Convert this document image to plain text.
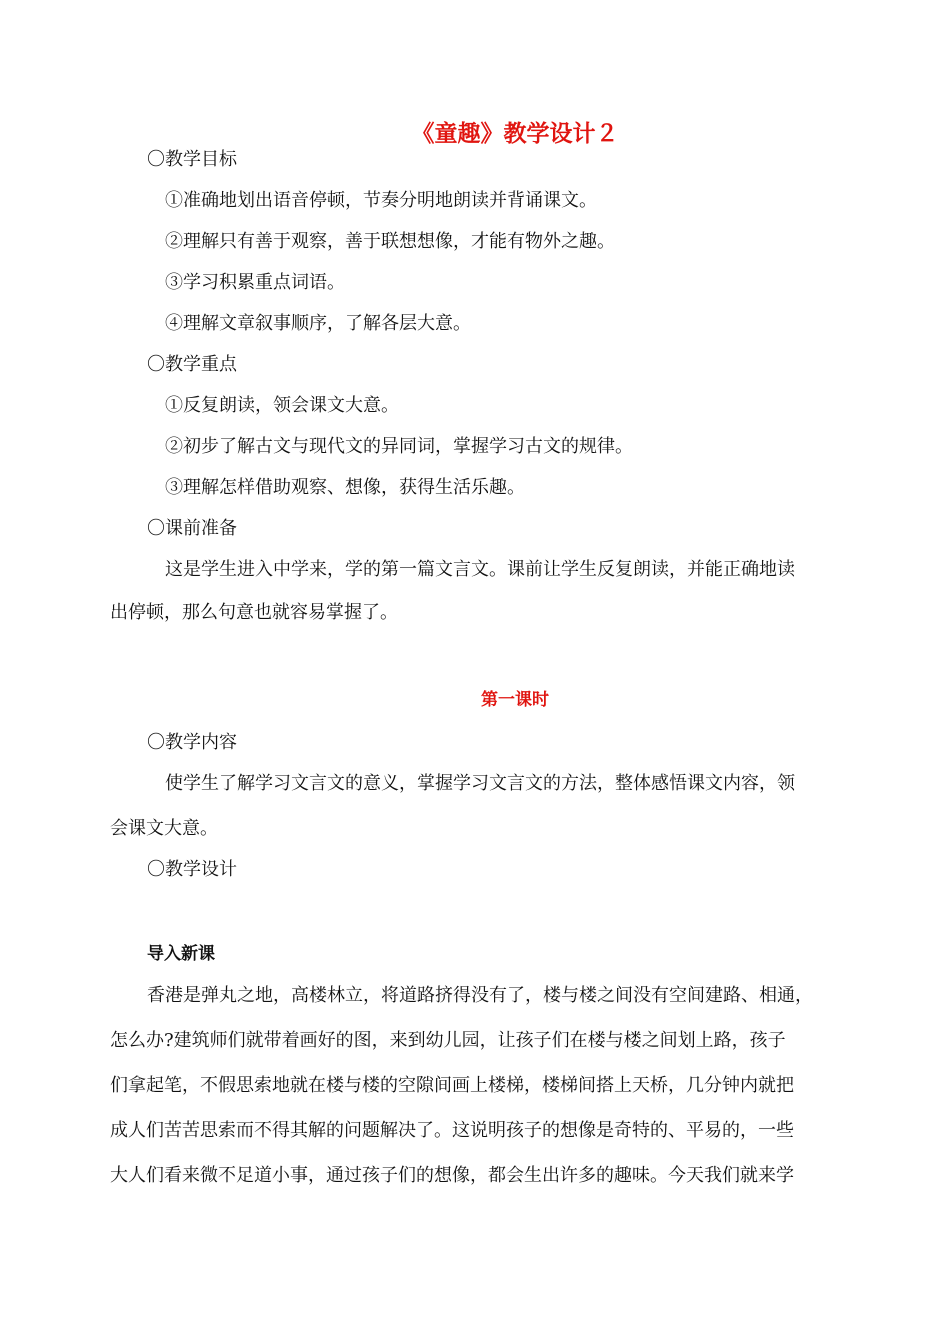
《童趣》教学设计２
〇教学目标
①准确地划出语音停顿，节奏分明地朗读并背诵课文。
②理解只有善于观察，善于联想想像，才能有物外之趣。
③学习积累重点词语。
④理解文章叙事顺序，了解各层大意。
〇教学重点
①反复朗读，领会课文大意。
②初步了解古文与现代文的异同词，掌握学习古文的规律。
③理解怎样借助观察、想像，获得生活乐趣。
〇课前准备
这是学生进入中学来，学的第一篇文言文。课前让学生反复朗读，并能正确地读
出停顿，那么句意也就容易掌握了。
第一课时
〇教学内容
使学生了解学习文言文的意义，掌握学习文言文的方法，整体感悟课文内容，领
会课文大意。
〇教学设计
导入新课
香港是弹丸之地，高楼林立，将道路挤得没有了，楼与楼之间没有空间建路、相通，
怎么办?建筑师们就带着画好的图，来到幼儿园，让孩子们在楼与楼之间划上路，孩子
们拿起笔，不假思索地就在楼与楼的空隙间画上楼梯，楼梯间搭上天桥，几分钟内就把
成人们苦苦思索而不得其解的问题解决了。这说明孩子的想像是奇特的、平易的，一些
大人们看来微不足道小事，通过孩子们的想像，都会生出许多的趣味。今天我们就来学
